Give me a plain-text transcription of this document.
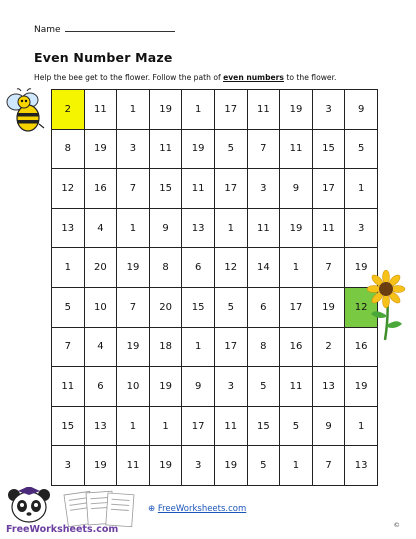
Name
Even Number Maze
Help the bee get to the flower. Follow the path of even numbers to the flower.
2	11	1	19	1	17	11	19	3	9
8	19	3	11	19	5	7	11	15	5
12	16	7	15	11	17	3	9	17	1
13	4	1	9	13	1	11	19	11	3
1	20	19	8	6	12	14	1	7	19
5	10	7	20	15	5	6	17	19	12
7	4	19	18	1	17	8	16	2	16
11	6	10	19	9	3	5	11	13	19
15	13	1	1	17	11	15	5	9	1
3	19	11	19	3	19	5	1	7	13
FreeWorksheets.com
⊕ FreeWorksheets.com
©
